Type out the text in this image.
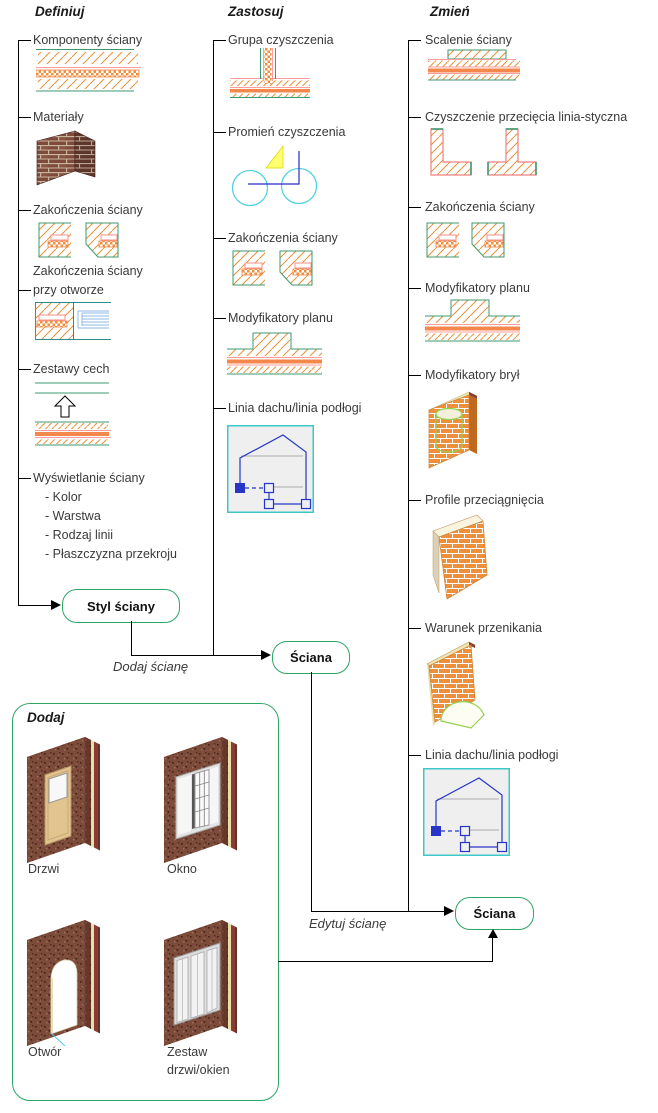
Definiuj	Zastosuj	Zmień
Komponenty ściany
Materiały
Zakończenia ściany
Zakończenia ściany
przy otworze
Zestawy cech
Wyświetlanie ściany
- Kolor
- Warstwa
- Rodzaj linii
- Płaszczyzna przekroju
Styl ściany
Dodaj ścianę
Ściana
Grupa czyszczenia
Promień czyszczenia
Zakończenia ściany
Modyfikatory planu
Linia dachu/linia podłogi
Edytuj ścianę
Ściana
Scalenie ściany
Czyszczenie przecięcia linia-styczna
Zakończenia ściany
Modyfikatory planu
Modyfikatory brył
Profile przeciągnięcia
Warunek przenikania
Linia dachu/linia podłogi
Dodaj
Drzwi	Okno
Otwór	Zestaw
drzwi/okien
